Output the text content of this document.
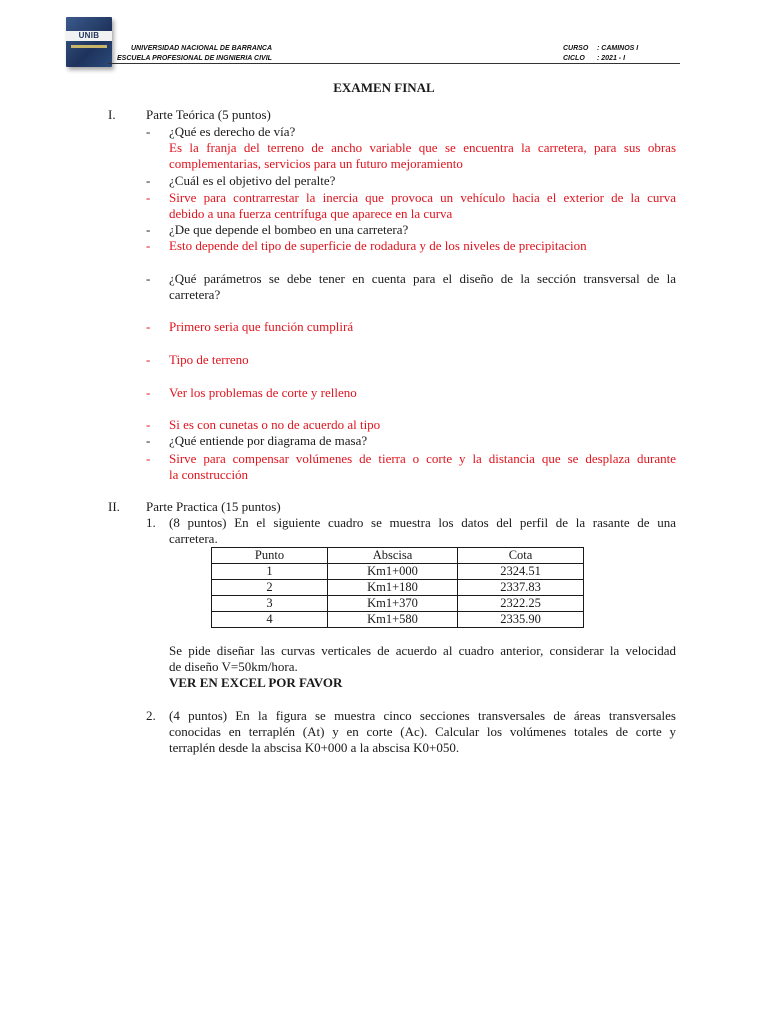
UNIB
UNIVERSIDAD NACIONAL DE BARRANCA
ESCUELA PROFESIONAL DE INGNIERIA CIVIL
CURSO : CAMINOS I
CICLO : 2021 - I
EXAMEN FINAL
I. Parte Teórica (5 puntos)
- ¿Qué es derecho de vía?
Es la franja del terreno de ancho variable que se encuentra la carretera, para sus obras
complementarias, servicios para un futuro mejoramiento
- ¿Cuál es el objetivo del peralte?
- Sirve para contrarrestar la inercia que provoca un vehículo hacia el exterior de la curva
debido a una fuerza centrífuga que aparece en la curva
- ¿De que depende el bombeo en una carretera?
- Esto depende del tipo de superficie de rodadura y de los niveles de precipitacion
- ¿Qué parámetros se debe tener en cuenta para el diseño de la sección transversal de la
carretera?
- Primero seria que función cumplirá
- Tipo de terreno
- Ver los problemas de corte y relleno
- Si es con cunetas o no de acuerdo al tipo
- ¿Qué entiende por diagrama de masa?
- Sirve para compensar volúmenes de tierra o corte y la distancia que se desplaza durante
la construcción
II. Parte Practica (15 puntos)
1. (8 puntos) En el siguiente cuadro se muestra los datos del perfil de la rasante de una
carretera.
Punto	Abscisa	Cota
1	Km1+000	2324.51
2	Km1+180	2337.83
3	Km1+370	2322.25
4	Km1+580	2335.90
Se pide diseñar las curvas verticales de acuerdo al cuadro anterior, considerar la velocidad
de diseño V=50km/hora.
VER EN EXCEL POR FAVOR
2. (4 puntos) En la figura se muestra cinco secciones transversales de áreas transversales
conocidas en terraplén (At) y en corte (Ac). Calcular los volúmenes totales de corte y
terraplén desde la abscisa K0+000 a la abscisa K0+050.
